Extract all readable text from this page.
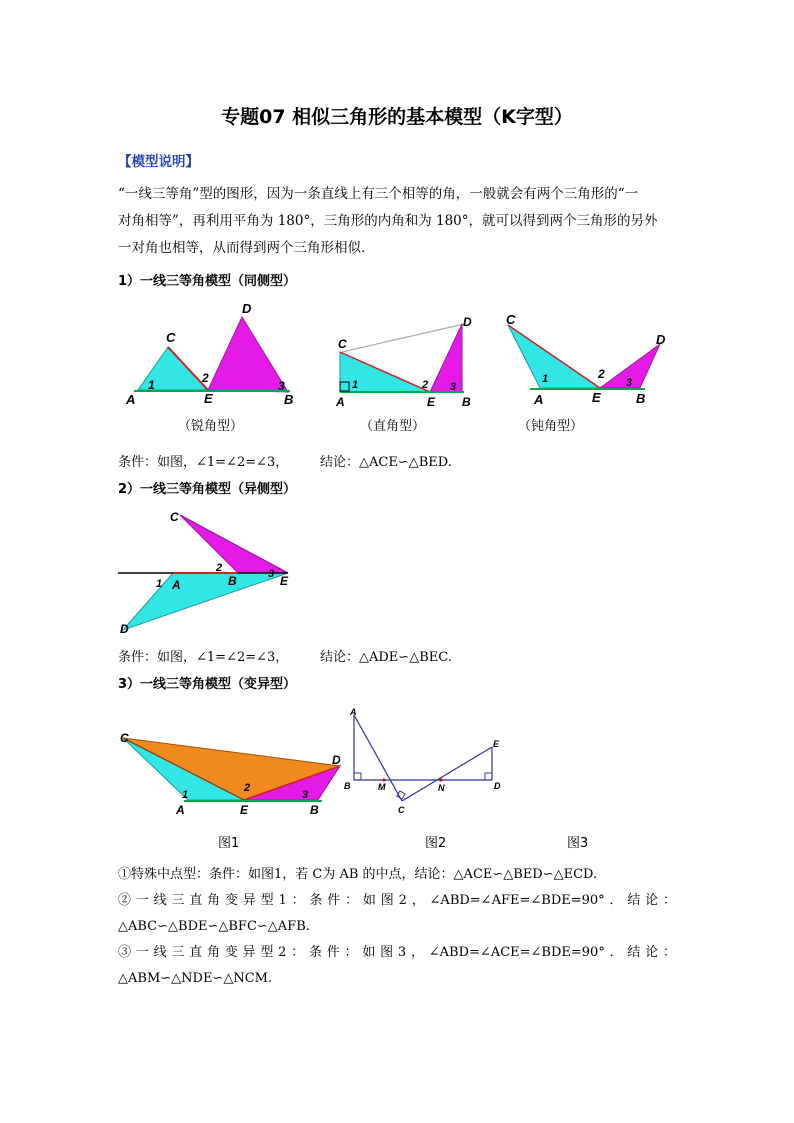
专题07 相似三角形的基本模型（K字型）
【模型说明】
“一线三等角”型的图形，因为一条直线上有三个相等的角，一般就会有两个三角形的“一
对角相等”，再利用平角为 180°，三角形的内角和为 180°，就可以得到两个三角形的另外
一对角也相等，从而得到两个三角形相似．
1）一线三等角模型（同侧型）
A	B
C
D
E
1	2
3
A	B
C
D
E
1	2 3
A	B
C
D
E
1	2
3
（锐角型）	（直角型）	（钝角型）
条件：如图，∠1=∠2=∠3， 结论：△ACE∽△BED.
2）一线三等角模型（异侧型）
C
A	B
D
E
1
2	3
条件：如图，∠1=∠2=∠3， 结论：△ADE∽△BEC.
3）一线三等角模型（变异型）
C
D
A	E	B
1
2
3
A
B	M
C
N	D
E
图1	图2	图3
①特殊中点型：条件：如图1，若 C为 AB 的中点，结论：△ACE∽△BED∽△ECD.
②一线三直角变异型1：条件：如图2，∠ABD=∠AFE=∠BDE=90°．结论：
△ABC∽△BDE∽△BFC∽△AFB.
③一线三直角变异型2：条件：如图3，∠ABD=∠ACE=∠BDE=90°．结论：
△ABM∽△NDE∽△NCM.
